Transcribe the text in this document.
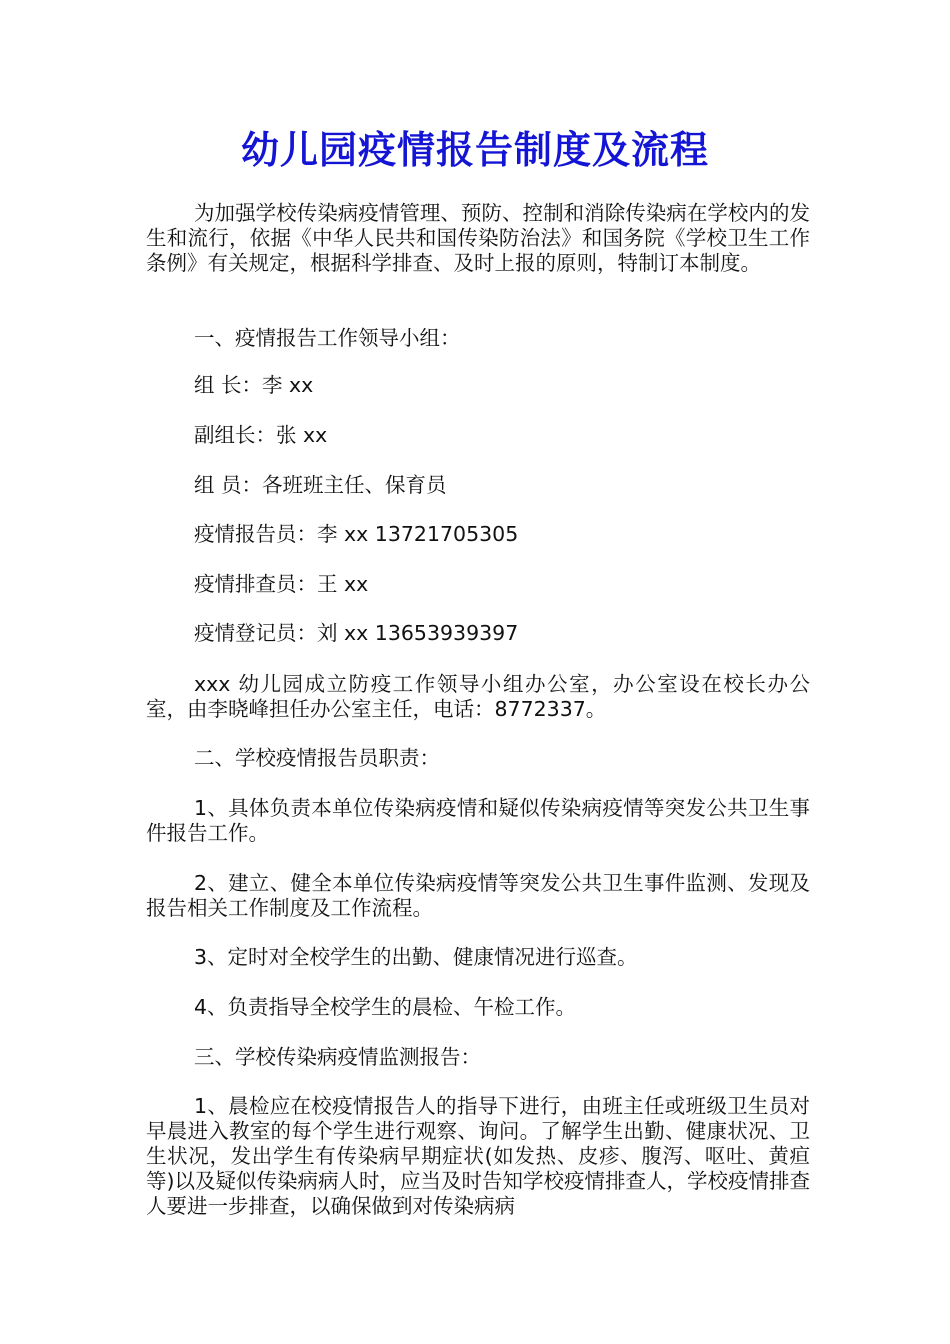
幼儿园疫情报告制度及流程

为加强学校传染病疫情管理、预防、控制和消除传染病在学校内的发生和流行，依据《中华人民共和国传染防治法》和国务院《学校卫生工作条例》有关规定，根据科学排查、及时上报的原则，特制订本制度。

一、疫情报告工作领导小组：

组 长：李 xx

副组长：张 xx

组 员：各班班主任、保育员

疫情报告员：李 xx 13721705305

疫情排查员：王 xx

疫情登记员：刘 xx 13653939397

xxx 幼儿园成立防疫工作领导小组办公室，办公室设在校长办公室，由李晓峰担任办公室主任，电话：8772337。

二、学校疫情报告员职责：

1、具体负责本单位传染病疫情和疑似传染病疫情等突发公共卫生事件报告工作。

2、建立、健全本单位传染病疫情等突发公共卫生事件监测、发现及报告相关工作制度及工作流程。

3、定时对全校学生的出勤、健康情况进行巡查。

4、负责指导全校学生的晨检、午检工作。

三、学校传染病疫情监测报告：

1、晨检应在校疫情报告人的指导下进行，由班主任或班级卫生员对早晨进入教室的每个学生进行观察、询问。了解学生出勤、健康状况、卫生状况，发出学生有传染病早期症状(如发热、皮疹、腹泻、呕吐、黄疸等)以及疑似传染病病人时，应当及时告知学校疫情排查人，学校疫情排查人要进一步排查，以确保做到对传染病病
